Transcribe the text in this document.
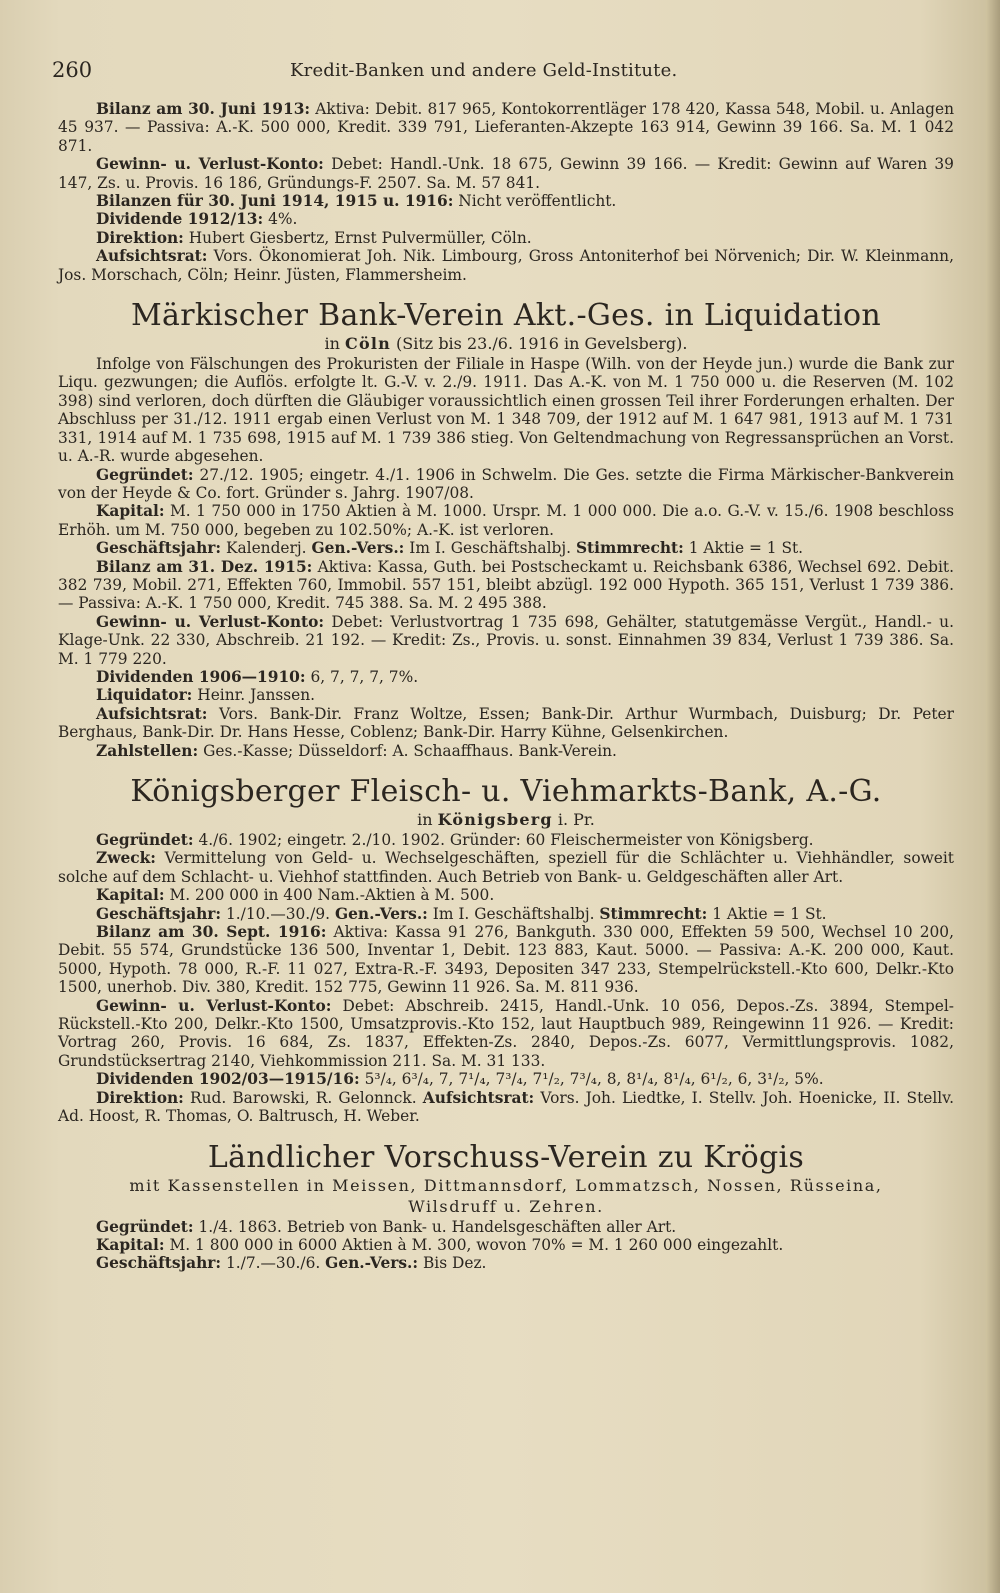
260	Kredit-Banken und andere Geld-Institute.

Bilanz am 30. Juni 1913: Aktiva: Debit. 817 965, Kontokorrentläger 178 420, Kassa 548, Mobil. u. Anlagen 45 937. — Passiva: A.-K. 500 000, Kredit. 339 791, Lieferanten-Akzepte 163 914, Gewinn 39 166. Sa. M. 1 042 871.

Gewinn- u. Verlust-Konto: Debet: Handl.-Unk. 18 675, Gewinn 39 166. — Kredit: Gewinn auf Waren 39 147, Zs. u. Provis. 16 186, Gründungs-F. 2507. Sa. M. 57 841.

Bilanzen für 30. Juni 1914, 1915 u. 1916: Nicht veröffentlicht.

Dividende 1912/13: 4%.

Direktion: Hubert Giesbertz, Ernst Pulvermüller, Cöln.

Aufsichtsrat: Vors. Ökonomierat Joh. Nik. Limbourg, Gross Antoniterhof bei Nörvenich; Dir. W. Kleinmann, Jos. Morschach, Cöln; Heinr. Jüsten, Flammersheim.

Märkischer Bank-Verein Akt.-Ges. in Liquidation
in Cöln (Sitz bis 23./6. 1916 in Gevelsberg).

Infolge von Fälschungen des Prokuristen der Filiale in Haspe (Wilh. von der Heyde jun.) wurde die Bank zur Liqu. gezwungen; die Auflös. erfolgte lt. G.-V. v. 2./9. 1911. Das A.-K. von M. 1 750 000 u. die Reserven (M. 102 398) sind verloren, doch dürften die Gläubiger voraussichtlich einen grossen Teil ihrer Forderungen erhalten. Der Abschluss per 31./12. 1911 ergab einen Verlust von M. 1 348 709, der 1912 auf M. 1 647 981, 1913 auf M. 1 731 331, 1914 auf M. 1 735 698, 1915 auf M. 1 739 386 stieg. Von Geltendmachung von Regressansprüchen an Vorst. u. A.-R. wurde abgesehen.

Gegründet: 27./12. 1905; eingetr. 4./1. 1906 in Schwelm. Die Ges. setzte die Firma Märkischer-Bankverein von der Heyde & Co. fort. Gründer s. Jahrg. 1907/08.

Kapital: M. 1 750 000 in 1750 Aktien à M. 1000. Urspr. M. 1 000 000. Die a.o. G.-V. v. 15./6. 1908 beschloss Erhöh. um M. 750 000, begeben zu 102.50%; A.-K. ist verloren.

Geschäftsjahr: Kalenderj. Gen.-Vers.: Im I. Geschäftshalbj. Stimmrecht: 1 Aktie = 1 St.

Bilanz am 31. Dez. 1915: Aktiva: Kassa, Guth. bei Postscheckamt u. Reichsbank 6386, Wechsel 692. Debit. 382 739, Mobil. 271, Effekten 760, Immobil. 557 151, bleibt abzügl. 192 000 Hypoth. 365 151, Verlust 1 739 386. — Passiva: A.-K. 1 750 000, Kredit. 745 388. Sa. M. 2 495 388.

Gewinn- u. Verlust-Konto: Debet: Verlustvortrag 1 735 698, Gehälter, statutgemässe Vergüt., Handl.- u. Klage-Unk. 22 330, Abschreib. 21 192. — Kredit: Zs., Provis. u. sonst. Einnahmen 39 834, Verlust 1 739 386. Sa. M. 1 779 220.

Dividenden 1906—1910: 6, 7, 7, 7, 7%.

Liquidator: Heinr. Janssen.

Aufsichtsrat: Vors. Bank-Dir. Franz Woltze, Essen; Bank-Dir. Arthur Wurmbach, Duisburg; Dr. Peter Berghaus, Bank-Dir. Dr. Hans Hesse, Coblenz; Bank-Dir. Harry Kühne, Gelsenkirchen.

Zahlstellen: Ges.-Kasse; Düsseldorf: A. Schaaffhaus. Bank-Verein.

Königsberger Fleisch- u. Viehmarkts-Bank, A.-G.
in Königsberg i. Pr.

Gegründet: 4./6. 1902; eingetr. 2./10. 1902. Gründer: 60 Fleischermeister von Königsberg.

Zweck: Vermittelung von Geld- u. Wechselgeschäften, speziell für die Schlächter u. Viehhändler, soweit solche auf dem Schlacht- u. Viehhof stattfinden. Auch Betrieb von Bank- u. Geldgeschäften aller Art.

Kapital: M. 200 000 in 400 Nam.-Aktien à M. 500.

Geschäftsjahr: 1./10.—30./9. Gen.-Vers.: Im I. Geschäftshalbj. Stimmrecht: 1 Aktie = 1 St.

Bilanz am 30. Sept. 1916: Aktiva: Kassa 91 276, Bankguth. 330 000, Effekten 59 500, Wechsel 10 200, Debit. 55 574, Grundstücke 136 500, Inventar 1, Debit. 123 883, Kaut. 5000. — Passiva: A.-K. 200 000, Kaut. 5000, Hypoth. 78 000, R.-F. 11 027, Extra-R.-F. 3493, Depositen 347 233, Stempelrückstell.-Kto 600, Delkr.-Kto 1500, unerhob. Div. 380, Kredit. 152 775, Gewinn 11 926. Sa. M. 811 936.

Gewinn- u. Verlust-Konto: Debet: Abschreib. 2415, Handl.-Unk. 10 056, Depos.-Zs. 3894, Stempel-Rückstell.-Kto 200, Delkr.-Kto 1500, Umsatzprovis.-Kto 152, laut Hauptbuch 989, Reingewinn 11 926. — Kredit: Vortrag 260, Provis. 16 684, Zs. 1837, Effekten-Zs. 2840, Depos.-Zs. 6077, Vermittlungsprovis. 1082, Grundstücksertrag 2140, Viehkommission 211. Sa. M. 31 133.

Dividenden 1902/03—1915/16: 5³/₄, 6³/₄, 7, 7¹/₄, 7³/₄, 7¹/₂, 7³/₄, 8, 8¹/₄, 8¹/₄, 6¹/₂, 6, 3¹/₂, 5%.

Direktion: Rud. Barowski, R. Gelonnck. Aufsichtsrat: Vors. Joh. Liedtke, I. Stellv. Joh. Hoenicke, II. Stellv. Ad. Hoost, R. Thomas, O. Baltrusch, H. Weber.

Ländlicher Vorschuss-Verein zu Krögis
mit Kassenstellen in Meissen, Dittmannsdorf, Lommatzsch, Nossen, Rüsseina,
Wilsdruff u. Zehren.

Gegründet: 1./4. 1863. Betrieb von Bank- u. Handelsgeschäften aller Art.

Kapital: M. 1 800 000 in 6000 Aktien à M. 300, wovon 70% = M. 1 260 000 eingezahlt.

Geschäftsjahr: 1./7.—30./6. Gen.-Vers.: Bis Dez.
